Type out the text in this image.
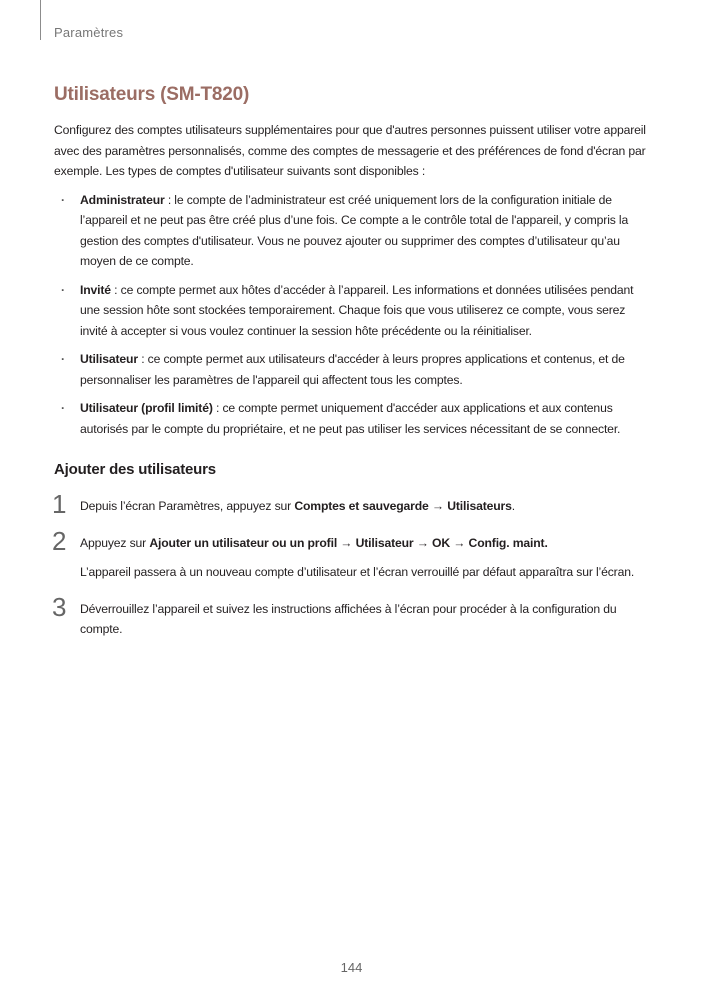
Paramètres
Utilisateurs (SM-T820)

Configurez des comptes utilisateurs supplémentaires pour que d'autres personnes puissent utiliser votre appareil avec des paramètres personnalisés, comme des comptes de messagerie et des préférences de fond d'écran par exemple. Les types de comptes d'utilisateur suivants sont disponibles :

· Administrateur : le compte de l’administrateur est créé uniquement lors de la configuration initiale de l’appareil et ne peut pas être créé plus d’une fois. Ce compte a le contrôle total de l'appareil, y compris la gestion des comptes d'utilisateur. Vous ne pouvez ajouter ou supprimer des comptes d’utilisateur qu’au moyen de ce compte.
· Invité : ce compte permet aux hôtes d’accéder à l’appareil. Les informations et données utilisées pendant une session hôte sont stockées temporairement. Chaque fois que vous utiliserez ce compte, vous serez invité à accepter si vous voulez continuer la session hôte précédente ou la réinitialiser.
· Utilisateur : ce compte permet aux utilisateurs d'accéder à leurs propres applications et contenus, et de personnaliser les paramètres de l'appareil qui affectent tous les comptes.
· Utilisateur (profil limité) : ce compte permet uniquement d'accéder aux applications et aux contenus autorisés par le compte du propriétaire, et ne peut pas utiliser les services nécessitant de se connecter.
Ajouter des utilisateurs
1 Depuis l’écran Paramètres, appuyez sur Comptes et sauvegarde → Utilisateurs.

2 Appuyez sur Ajouter un utilisateur ou un profil → Utilisateur → OK → Config. maint.

L’appareil passera à un nouveau compte d’utilisateur et l’écran verrouillé par défaut apparaîtra sur l’écran.

3 Déverrouillez l’appareil et suivez les instructions affichées à l’écran pour procéder à la configuration du compte.

144
